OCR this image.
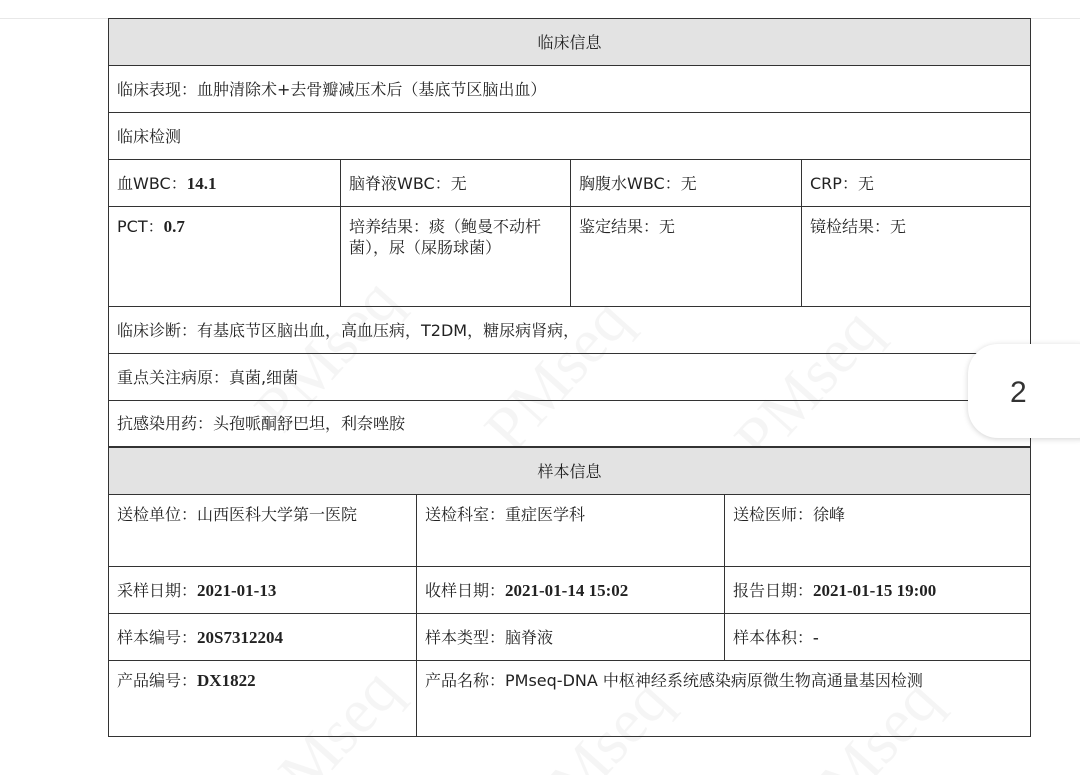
临床信息			
临床表现：血肿清除术+去骨瓣减压术后（基底节区脑出血）			
临床检测			
血WBC：14.1	脑脊液WBC：无	胸腹水WBC：无	CRP：无
PCT：0.7	培养结果：痰（鲍曼不动杆菌），尿（屎肠球菌）	鉴定结果：无	镜检结果：无
临床诊断：有基底节区脑出血，高血压病，T2DM，糖尿病肾病，			
重点关注病原：真菌,细菌			
抗感染用药：头孢哌酮舒巴坦，利奈唑胺			
样本信息		
送检单位：山西医科大学第一医院	送检科室：重症医学科	送检医师：徐峰
采样日期：2021-01-13	收样日期：2021-01-14 15:02	报告日期：2021-01-15 19:00
样本编号：20S7312204	样本类型：脑脊液	样本体积：-
产品编号：DX1822	产品名称：PMseq-DNA 中枢神经系统感染病原微生物高通量基因检测	
2
